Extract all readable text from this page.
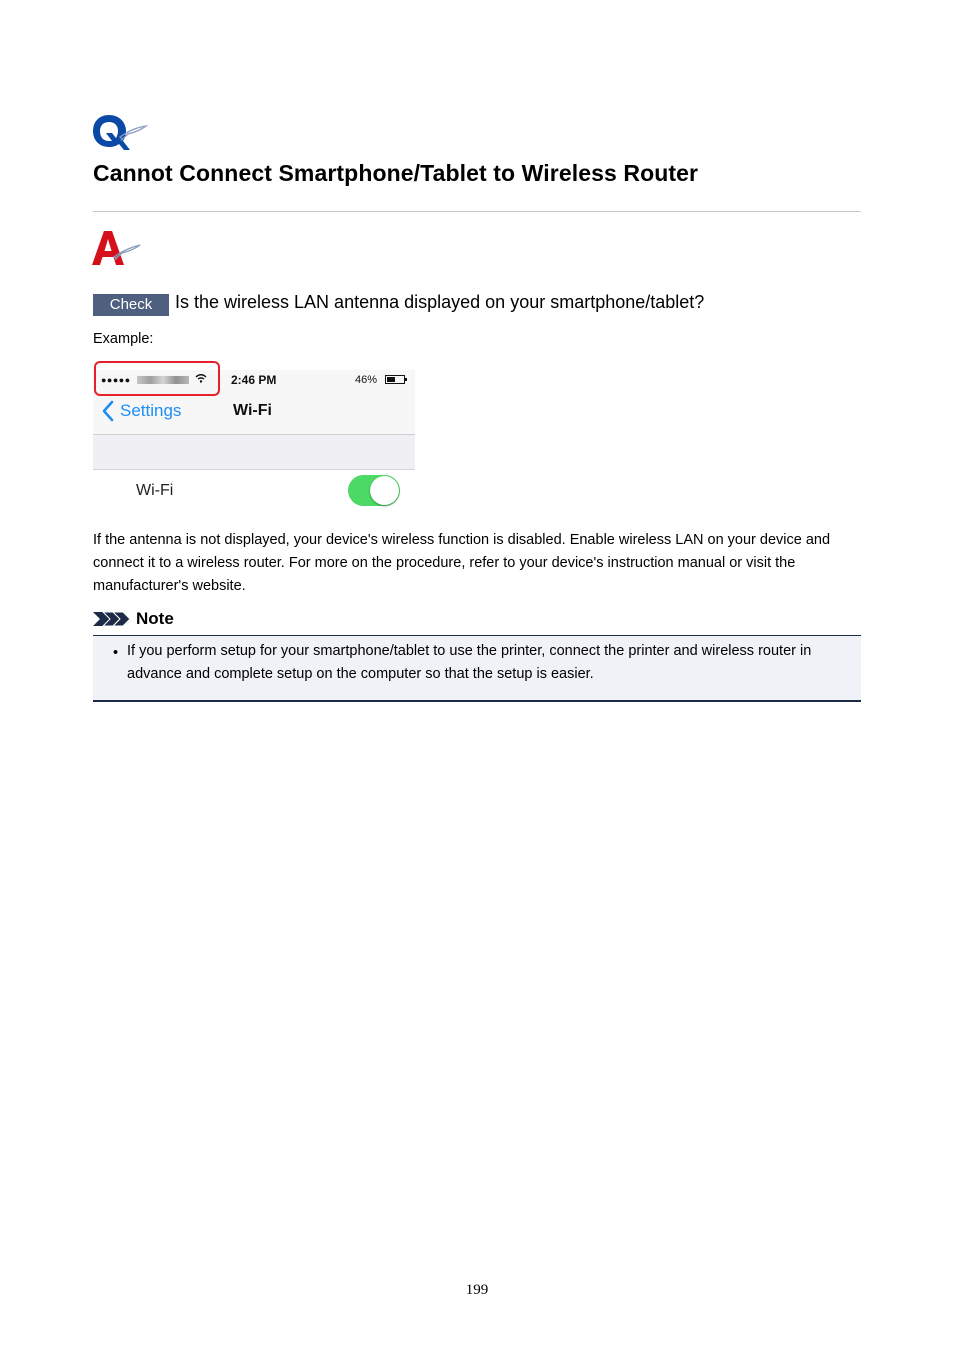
Cannot Connect Smartphone/Tablet to Wireless Router
Check	Is the wireless LAN antenna displayed on your smartphone/tablet?
Example:
●●●●●	2:46 PM	46%
Settings	Wi-Fi
Wi-Fi

If the antenna is not displayed, your device's wireless function is disabled. Enable wireless LAN on your device and connect it to a wireless router. For more on the procedure, refer to your device's instruction manual or visit the manufacturer's website.

Note
• If you perform setup for your smartphone/tablet to use the printer, connect the printer and wireless router in advance and complete setup on the computer so that the setup is easier.

199
